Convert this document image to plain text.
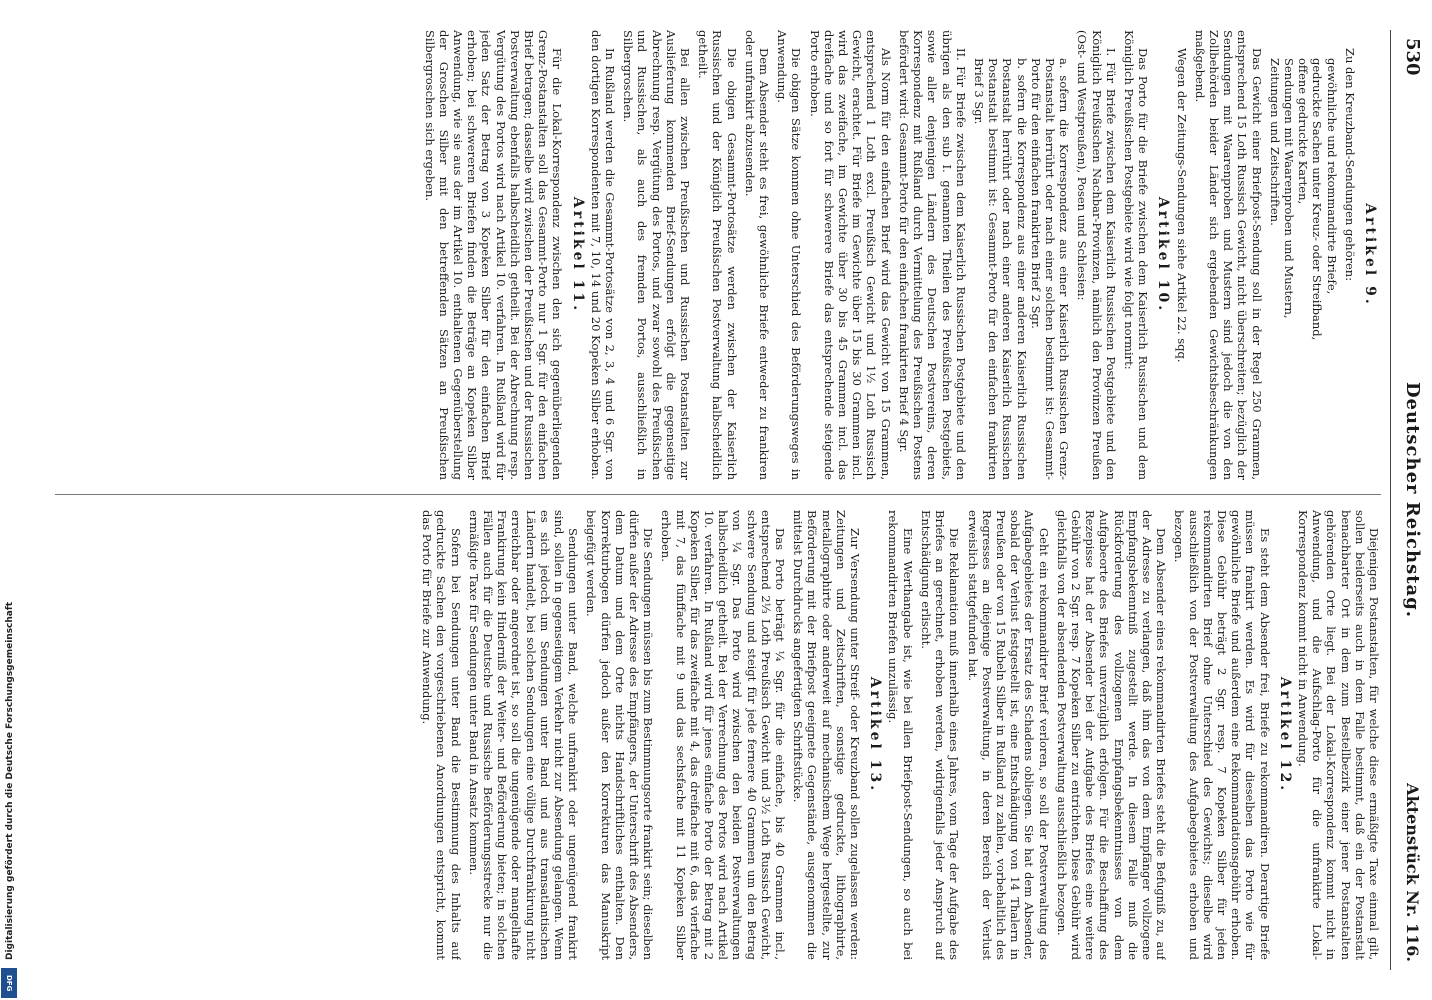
Digitalisierung gefördert durch die Deutsche Forschungsgemeinschaft
DFG
530
Deutscher Reichstag.
Aktenstück Nr. 116.
Artikel 9.

Zu den Kreuzband-Sendungen gehören:

gewöhnliche und rekommandirte Briefe,
gedruckte Sachen unter Kreuz- oder Streifband,
offene gedruckte Karten,
Sendungen mit Waarenproben und Mustern,
Zeitungen und Zeitschriften.

Das Gewicht einer Briefpost-Sendung soll in der Regel 250 Grammen, entsprechend 15 Loth Russisch Gewicht, nicht überschreiten; bezüglich der Sendungen mit Waarenproben und Mustern sind jedoch die von den Zollbehörden beider Länder sich ergebenden Gewichtsbeschränkungen maßgebend.

Wegen der Zeitungs-Sendungen siehe Artikel 22. sqq.

Artikel 10.

Das Porto für die Briefe zwischen dem Kaiserlich Russischen und dem Königlich Preußischen Postgebiete wird wie folgt normirt:

I. Für Briefe zwischen dem Kaiserlich Russischen Postgebiete und den Königlich Preußischen Nachbar-Provinzen, nämlich den Provinzen Preußen (Ost- und Westpreußen), Posen und Schlesien:

a. sofern die Korrespondenz aus einer Kaiserlich Russischen Grenz-Postanstalt herrührt oder nach einer solchen bestimmt ist: Gesammt-Porto für den einfachen frankirten Brief 2 Sgr.
b. sofern die Korrespondenz aus einer anderen Kaiserlich Russischen Postanstalt herrührt oder nach einer anderen Kaiserlich Russischen Postanstalt bestimmt ist: Gesammt-Porto für den einfachen frankirten Brief 3 Sgr.

II. Für Briefe zwischen dem Kaiserlich Russischen Postgebiete und den übrigen als den sub I. genannten Theilen des Preußischen Postgebiets, sowie aller denjenigen Ländern des Deutschen Postvereins, deren Korrespondenz mit Rußland durch Vermittelung des Preußischen Postens befördert wird: Gesammt-Porto für den einfachen frankirten Brief 4 Sgr.

Als Norm für den einfachen Brief wird das Gewicht von 15 Grammen, entsprechend 1 Loth excl. Preußisch Gewicht und 1½ Loth Russisch Gewicht, erachtet. Für Briefe im Gewichte über 15 bis 30 Grammen incl. wird das zweifache, im Gewichte über 30 bis 45 Grammen incl. das dreifache und so fort für schwerere Briefe das entsprechende steigende Porto erhoben.

Die obigen Sätze kommen ohne Unterschied des Beförderungsweges in Anwendung.

Dem Absender steht es frei, gewöhnliche Briefe entweder zu frankiren oder unfrankirt abzusenden.

Die obigen Gesammt-Portosätze werden zwischen der Kaiserlich Russischen und der Königlich Preußischen Postverwaltung halbscheidlich getheilt.

Bei allen zwischen Preußischen und Russischen Postanstalten zur Auslieferung kommenden Brief-Sendungen erfolgt die gegenseitige Abrechnung resp. Vergütung des Portos, und zwar sowohl des Preußischen und Russischen, als auch des fremden Portos, ausschließlich in Silbergroschen.

In Rußland werden die Gesammt-Portosätze von 2, 3, 4 und 6 Sgr. von den dortigen Korrespondenten mit 7, 10, 14 und 20 Kopeken Silber erhoben.

Artikel 11.

Für die Lokal-Korrespondenz zwischen den sich gegenüberliegenden Grenz-Postanstalten soll das Gesammt-Porto nur 1 Sgr. für den einfachen Brief betragen; dasselbe wird zwischen der Preußischen und der Russischen Postverwaltung ebenfalls halbscheidlich getheilt. Bei der Abrechnung resp. Vergütung des Portos wird nach Artikel 10. verfahren. In Rußland wird für jeden Satz der Betrag von 3 Kopeken Silber für den einfachen Brief erhoben; bei schwereren Briefen finden die Beträge an Kopeken Silber Anwendung, wie sie aus der im Artikel 10. enthaltenen Gegenüberstellung der Groschen Silber mit den betreffenden Sätzen an Preußischen Silbergroschen sich ergeben.

Diejenigen Postanstalten, für welche diese ermäßigte Taxe einmal gilt, sollen beiderseits auch in dem Falle bestimmt, daß ein der Postanstalt benachbarter Ort in dem zum Bestellbezirk einer jener Postanstalten gehörenden Orte liegt. Bei der Lokal-Korrespondenz kommt nicht in Anwendung, und die Aufschlag-Porto für die unfrankirte Lokal-Korrespondenz kommt nicht in Anwendung.

Artikel 12.

Es steht dem Absender frei, Briefe zu rekommandiren. Derartige Briefe müssen frankirt werden. Es wird für dieselben das Porto wie für gewöhnliche Briefe und außerdem eine Rekommandationsgebühr erhoben. Diese Gebühr beträgt 2 Sgr. resp. 7 Kopeken Silber für jeden rekommandirten Brief ohne Unterschied des Gewichts; dieselbe wird ausschließlich von der Postverwaltung des Aufgabegebietes erhoben und bezogen.

Dem Absender eines rekommandirten Briefes steht die Befugniß zu, auf der Adresse zu verlangen, daß ihm das von dem Empfänger vollzogene Empfangsbekenntniß zugestellt werde. In diesem Falle muß die Rückforderung des vollzogenen Empfangsbekenntnisses von dem Aufgabeorte des Briefes unverzüglich erfolgen. Für die Beschaffung des Rezepisse hat der Absender bei der Aufgabe des Briefes eine weitere Gebühr von 2 Sgr. resp. 7 Kopeken Silber zu entrichten. Diese Gebühr wird gleichfalls von der absendenden Postverwaltung ausschließlich bezogen.

Geht ein rekommandirter Brief verloren, so soll der Postverwaltung des Aufgabegebietes der Ersatz des Schadens obliegen. Sie hat dem Absender, sobald der Verlust festgestellt ist, eine Entschädigung von 14 Thalern in Preußen oder von 15 Rubeln Silber in Rußland zu zahlen, vorbehaltlich des Regresses an diejenige Postverwaltung, in deren Bereich der Verlust erweislich stattgefunden hat.

Die Reklamation muß innerhalb eines Jahres, vom Tage der Aufgabe des Briefes an gerechnet, erhoben werden, widrigenfalls jeder Anspruch auf Entschädigung erlischt.

Eine Werthangabe ist, wie bei allen Briefpost-Sendungen, so auch bei rekommandirten Briefen unzulässig.

Artikel 13.

Zur Versendung unter Streif- oder Kreuzband sollen zugelassen werden: Zeitungen und Zeitschriften, sonstige gedruckte, lithographirte, metallographirte oder anderweit auf mechanischem Wege hergestellte, zur Beförderung mit der Briefpost geeignete Gegenstände, ausgenommen die mittelst Durchdrucks angefertigten Schriftstücke.

Das Porto beträgt ¼ Sgr. für die einfache, bis 40 Grammen incl., entsprechend 2⅓ Loth Preußisch Gewicht und 3½ Loth Russisch Gewicht, schwere Sendung und steigt für jede fernere 40 Grammen um den Betrag von ¼ Sgr. Das Porto wird zwischen den beiden Postverwaltungen halbscheidlich getheilt. Bei der Verrechnung des Portos wird nach Artikel 10. verfahren. In Rußland wird für jenes einfache Porto der Betrag mit 2 Kopeken Silber, für das zweifache mit 4, das dreifache mit 6, das vierfache mit 7, das fünffache mit 9 und das sechsfache mit 11 Kopeken Silber erhoben.

Die Sendungen müssen bis zum Bestimmungsorte frankirt sein; dieselben dürfen außer der Adresse des Empfängers, der Unterschrift des Absenders, dem Datum und dem Orte nichts Handschriftliches enthalten. Den Korrekturbogen dürfen jedoch außer den Korrekturen das Manuskript beigefügt werden.

Sendungen unter Band, welche unfrankirt oder ungenügend frankirt sind, sollen in gegenseitigem Verkehr nicht zur Absendung gelangen. Wenn es sich jedoch um Sendungen unter Band und aus transatlantischen Ländern handelt, bei solchen Sendungen eine völlige Durchfrankirung nicht erreichbar oder angeordnet ist, so soll die ungenügende oder mangelhafte Frankirung kein Hinderniß der Weiter- und Beförderung bieten; in solchen Fällen auch für die Deutsche und Russische Beförderungsstrecke nur die ermäßigte Taxe für Sendungen unter Band in Ansatz kommen.

Sofern bei Sendungen unter Band die Bestimmung des Inhalts auf gedruckte Sachen den vorgeschriebenen Anordnungen entspricht, kommt das Porto für Briefe zur Anwendung.
